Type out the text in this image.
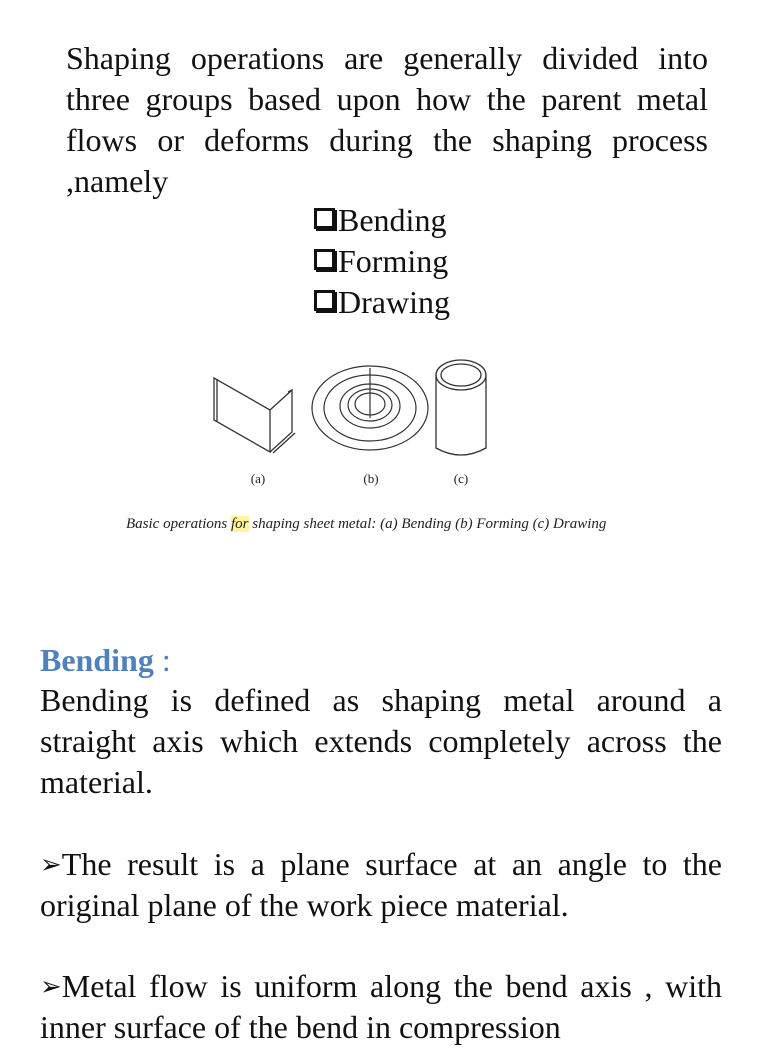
Shaping operations are generally divided into three groups based upon how the parent metal flows or deforms during the shaping process ,namely

Bending
Forming
Drawing
(a)	(b)	(c)
Basic operations for shaping sheet metal: (a) Bending (b) Forming (c) Drawing
Bending :

Bending is defined as shaping metal around a straight axis which extends completely across the material.

➢The result is a plane surface at an angle to the original plane of the work piece material.

➢Metal flow is uniform along the bend axis , with inner surface of the bend in compression
